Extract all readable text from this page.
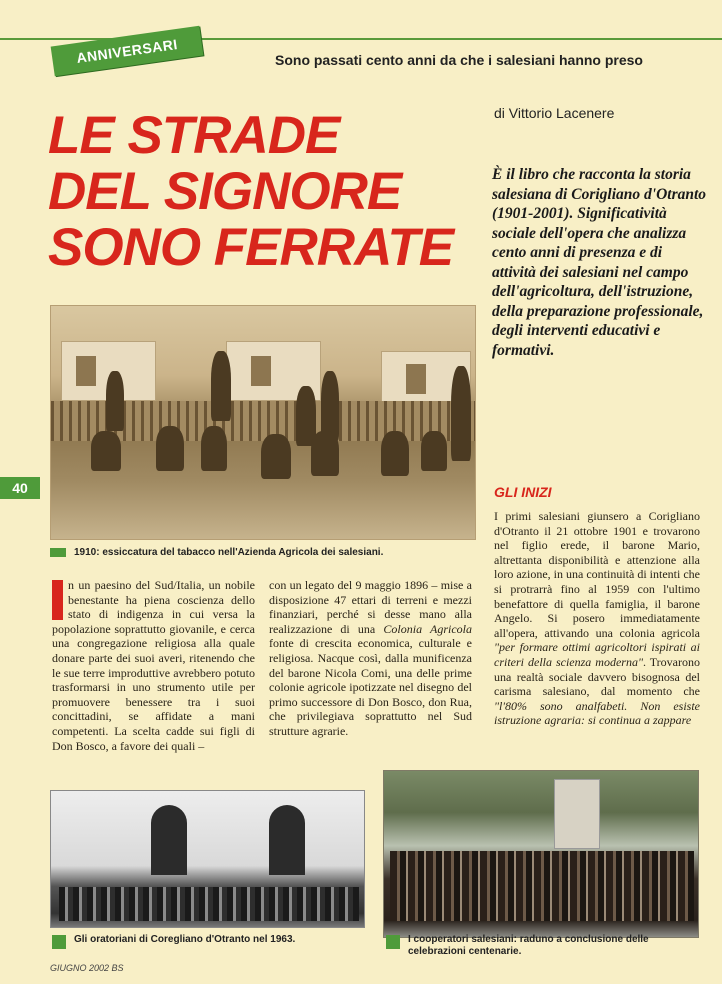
ANNIVERSARI	Sono passati cento anni da che i salesiani hanno preso
LE STRADE
DEL SIGNORE
SONO FERRATE
di Vittorio Lacenere
È il libro che racconta la storia salesiana di Corigliano d'Otranto (1901-2001). Significatività sociale dell'opera che analizza cento anni di presenza e di attività dei salesiani nel campo dell'agricoltura, dell'istruzione, della preparazione professionale, degli interventi educativi e formativi.
1910: essiccatura del tabacco nell'Azienda Agricola dei salesiani.
40
n un paesino del Sud/Italia, un nobile benestante ha piena coscienza dello stato di indigenza in cui versa la popolazione soprattutto giovanile, e cerca una congregazione religiosa alla quale donare parte dei suoi averi, ritenendo che le sue terre improduttive avrebbero potuto trasformarsi in uno strumento utile per promuovere benessere tra i suoi concittadini, se affidate a mani competenti. La scelta cadde sui figli di Don Bosco, a favore dei quali –
con un legato del 9 maggio 1896 – mise a disposizione 47 ettari di terreni e mezzi finanziari, perché si desse mano alla realizzazione di una Colonia Agricola fonte di crescita economica, culturale e religiosa. Nacque così, dalla munificenza del barone Nicola Comi, una delle prime colonie agricole ipotizzate nel disegno del primo successore di Don Bosco, don Rua, che privilegiava soprattutto nel Sud strutture agrarie.
GLI INIZI
I primi salesiani giunsero a Corigliano d'Otranto il 21 ottobre 1901 e trovarono nel figlio erede, il barone Mario, altrettanta disponibilità e attenzione alla loro azione, in una continuità di intenti che si protrarrà fino al 1959 con l'ultimo benefattore di quella famiglia, il barone Angelo. Si posero immediatamente all'opera, attivando una colonia agricola "per formare ottimi agricoltori ispirati ai criteri della scienza moderna". Trovarono una realtà sociale davvero bisognosa del carisma salesiano, dal momento che "l'80% sono analfabeti. Non esiste istruzione agraria: si continua a zappare
Gli oratoriani di Coregliano d'Otranto nel 1963.	I cooperatori salesiani: raduno a conclusione delle celebrazioni centenarie.
GIUGNO 2002 BS
